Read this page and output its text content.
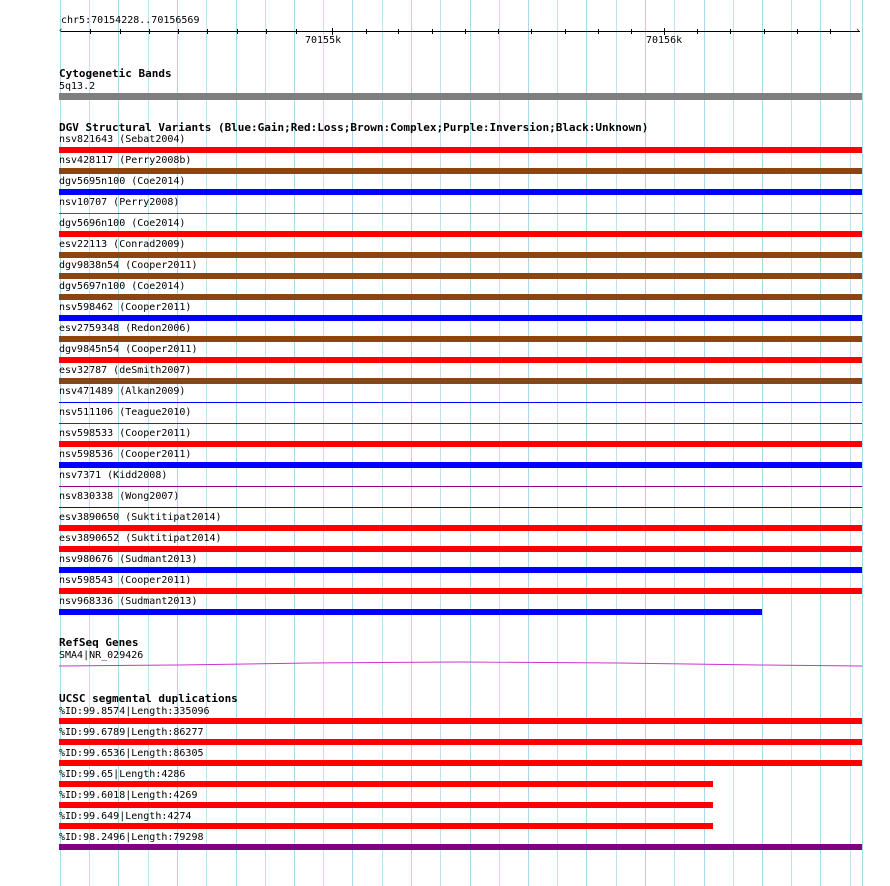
chr5:70154228..70156569
‹	›
70155k	70156k
Cytogenetic Bands
5q13.2
DGV Structural Variants (Blue:Gain;Red:Loss;Brown:Complex;Purple:Inversion;Black:Unknown)
nsv821643 (Sebat2004)
nsv428117 (Perry2008b)
dgv5695n100 (Coe2014)
nsv10707 (Perry2008)
dgv5696n100 (Coe2014)
esv22113 (Conrad2009)
dgv9838n54 (Cooper2011)
dgv5697n100 (Coe2014)
nsv598462 (Cooper2011)
esv2759348 (Redon2006)
dgv9845n54 (Cooper2011)
esv32787 (deSmith2007)
nsv471489 (Alkan2009)
nsv511106 (Teague2010)
nsv598533 (Cooper2011)
nsv598536 (Cooper2011)
nsv7371 (Kidd2008)
nsv830338 (Wong2007)
esv3890650 (Suktitipat2014)
esv3890652 (Suktitipat2014)
nsv980676 (Sudmant2013)
nsv598543 (Cooper2011)
nsv968336 (Sudmant2013)
RefSeq Genes
SMA4|NR_029426
UCSC segmental duplications
%ID:99.8574|Length:335096
%ID:99.6789|Length:86277
%ID:99.6536|Length:86305
%ID:99.65|Length:4286
%ID:99.6018|Length:4269
%ID:99.649|Length:4274
%ID:98.2496|Length:79298
